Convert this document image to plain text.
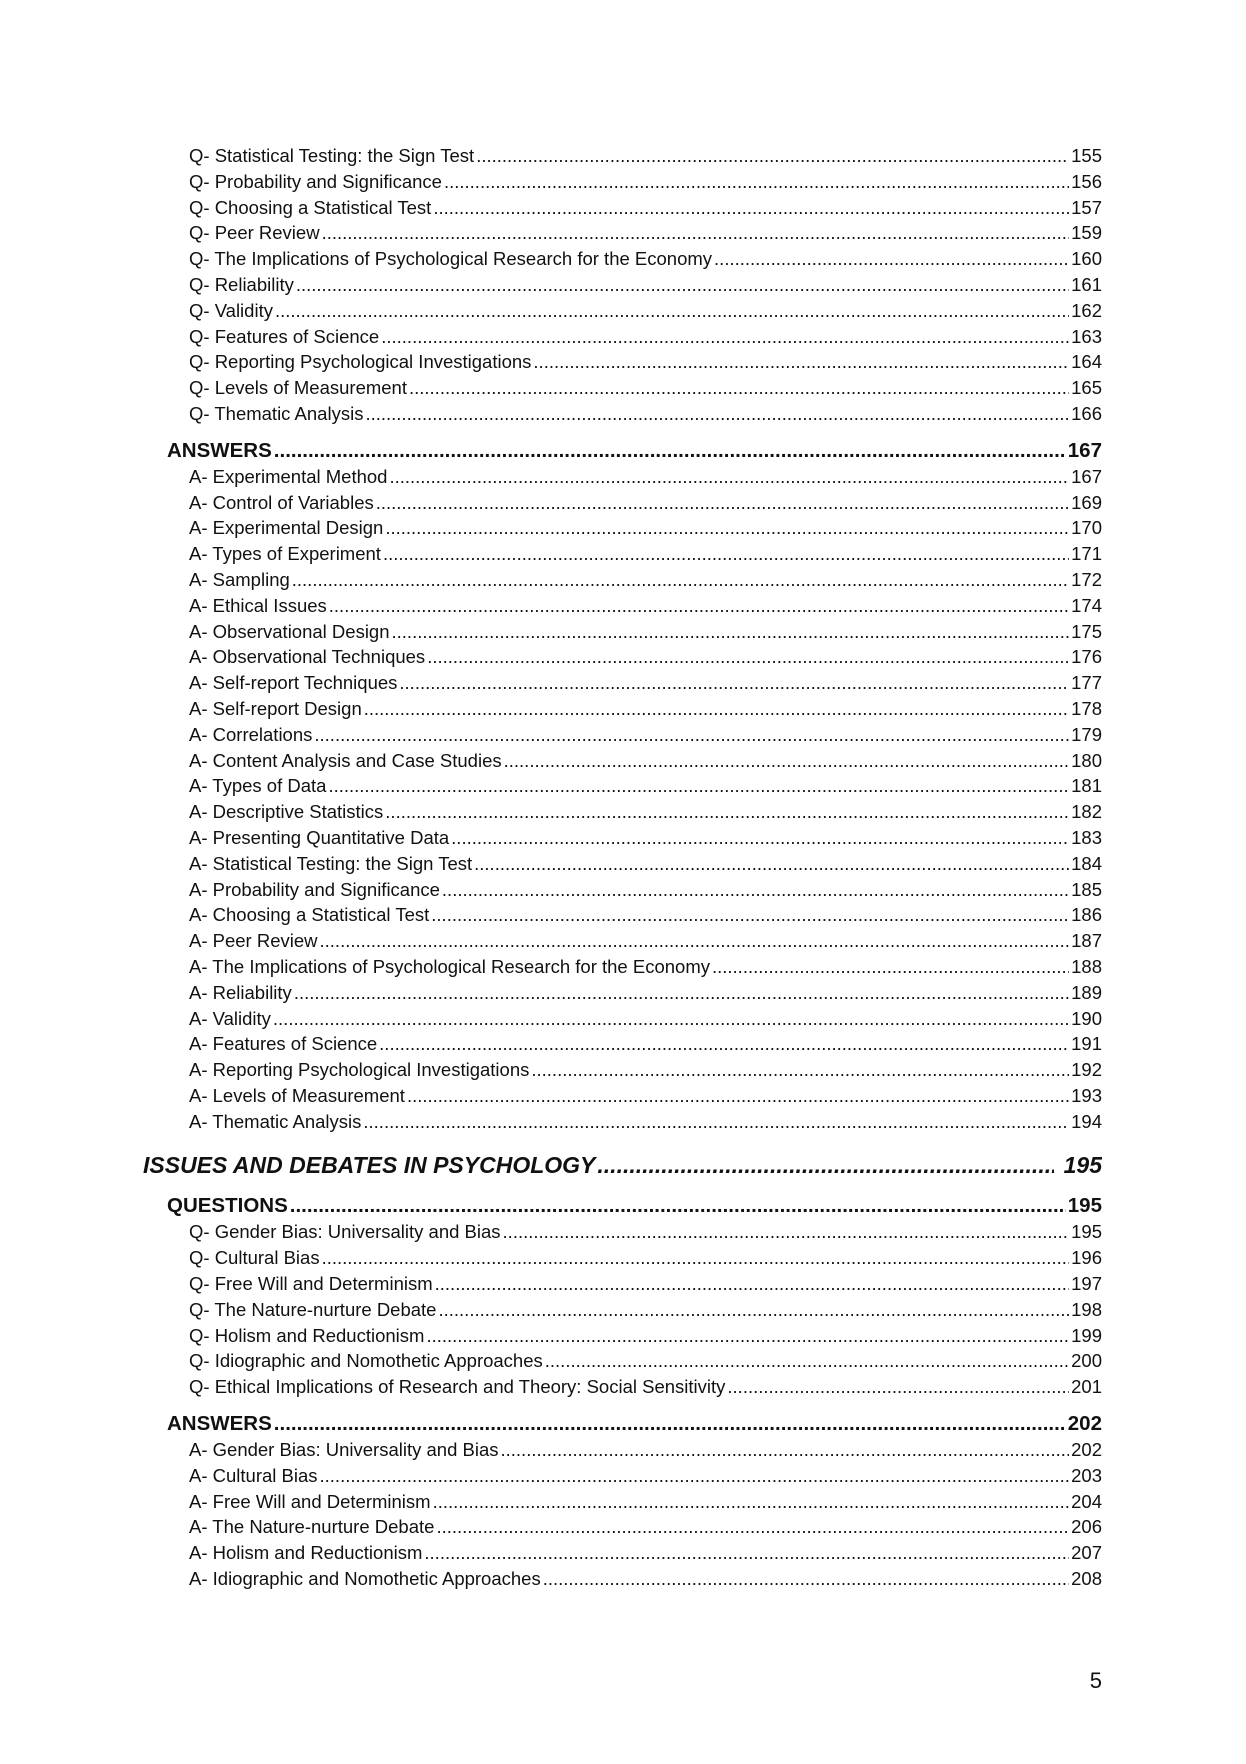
Q- Statistical Testing: the Sign Test .....	155
Q- Probability and Significance .....	156
Q- Choosing a Statistical Test .....	157
Q- Peer Review .....	159
Q- The Implications of Psychological Research for the Economy .....	160
Q- Reliability .....	161
Q- Validity .....	162
Q- Features of Science .....	163
Q- Reporting Psychological Investigations .....	164
Q- Levels of Measurement .....	165
Q- Thematic Analysis .....	166
ANSWERS .....	167
A- Experimental Method .....	167
A- Control of Variables .....	169
A- Experimental Design .....	170
A- Types of Experiment .....	171
A- Sampling .....	172
A- Ethical Issues .....	174
A- Observational Design .....	175
A- Observational Techniques .....	176
A- Self-report Techniques .....	177
A- Self-report Design .....	178
A- Correlations .....	179
A- Content Analysis and Case Studies .....	180
A- Types of Data .....	181
A- Descriptive Statistics .....	182
A- Presenting Quantitative Data .....	183
A- Statistical Testing: the Sign Test .....	184
A- Probability and Significance .....	185
A- Choosing a Statistical Test .....	186
A- Peer Review .....	187
A- The Implications of Psychological Research for the Economy .....	188
A- Reliability .....	189
A- Validity .....	190
A- Features of Science .....	191
A- Reporting Psychological Investigations .....	192
A- Levels of Measurement .....	193
A- Thematic Analysis .....	194
ISSUES AND DEBATES IN PSYCHOLOGY .....	195
QUESTIONS .....	195
Q- Gender Bias: Universality and Bias .....	195
Q- Cultural Bias .....	196
Q- Free Will and Determinism .....	197
Q- The Nature-nurture Debate .....	198
Q- Holism and Reductionism .....	199
Q- Idiographic and Nomothetic Approaches .....	200
Q- Ethical Implications of Research and Theory: Social Sensitivity .....	201
ANSWERS .....	202
A- Gender Bias: Universality and Bias .....	202
A- Cultural Bias .....	203
A- Free Will and Determinism .....	204
A- The Nature-nurture Debate .....	206
A- Holism and Reductionism .....	207
A- Idiographic and Nomothetic Approaches .....	208
5
